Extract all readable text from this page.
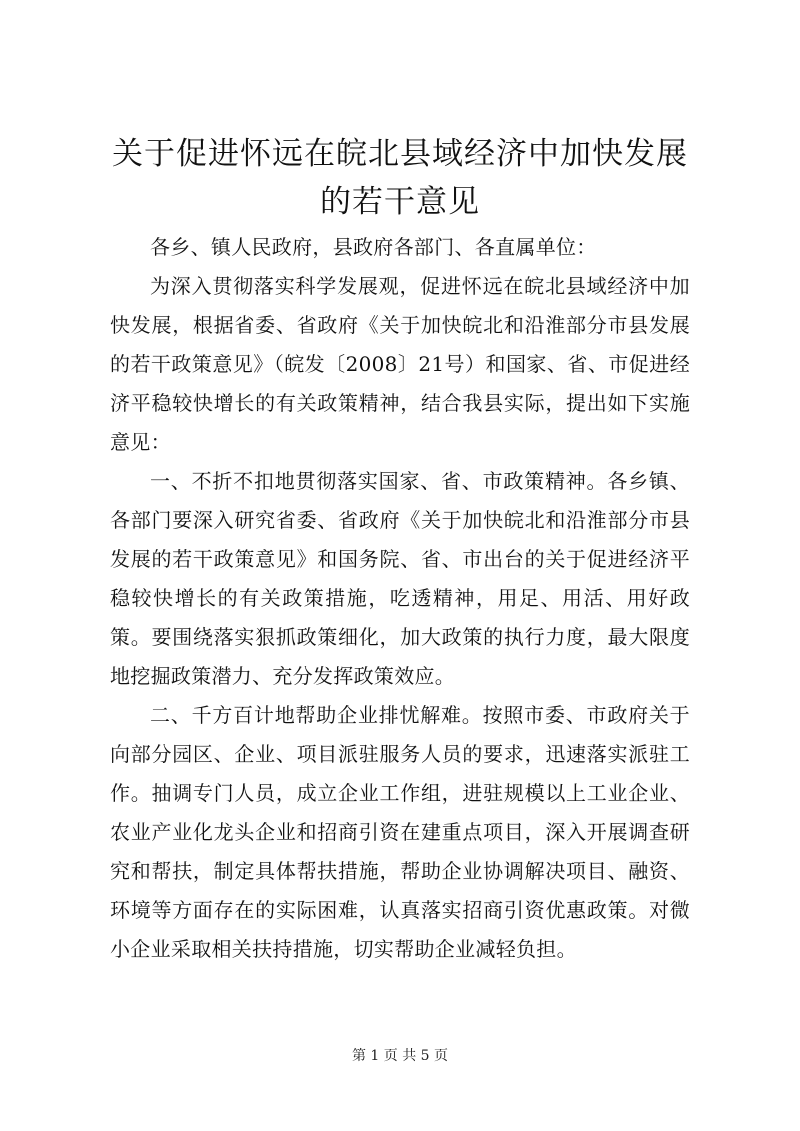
关于促进怀远在皖北县域经济中加快发展的若干意见

各乡、镇人民政府，县政府各部门、各直属单位：

为深入贯彻落实科学发展观，促进怀远在皖北县域经济中加快发展，根据省委、省政府《关于加快皖北和沿淮部分市县发展的若干政策意见》（皖发〔2008〕21号）和国家、省、市促进经济平稳较快增长的有关政策精神，结合我县实际，提出如下实施意见：

一、不折不扣地贯彻落实国家、省、市政策精神。各乡镇、各部门要深入研究省委、省政府《关于加快皖北和沿淮部分市县发展的若干政策意见》和国务院、省、市出台的关于促进经济平稳较快增长的有关政策措施，吃透精神，用足、用活、用好政策。要围绕落实狠抓政策细化，加大政策的执行力度，最大限度地挖掘政策潜力、充分发挥政策效应。

二、千方百计地帮助企业排忧解难。按照市委、市政府关于向部分园区、企业、项目派驻服务人员的要求，迅速落实派驻工作。抽调专门人员，成立企业工作组，进驻规模以上工业企业、农业产业化龙头企业和招商引资在建重点项目，深入开展调查研究和帮扶，制定具体帮扶措施，帮助企业协调解决项目、融资、环境等方面存在的实际困难，认真落实招商引资优惠政策。对微小企业采取相关扶持措施，切实帮助企业减轻负担。

第 1 页 共 5 页
